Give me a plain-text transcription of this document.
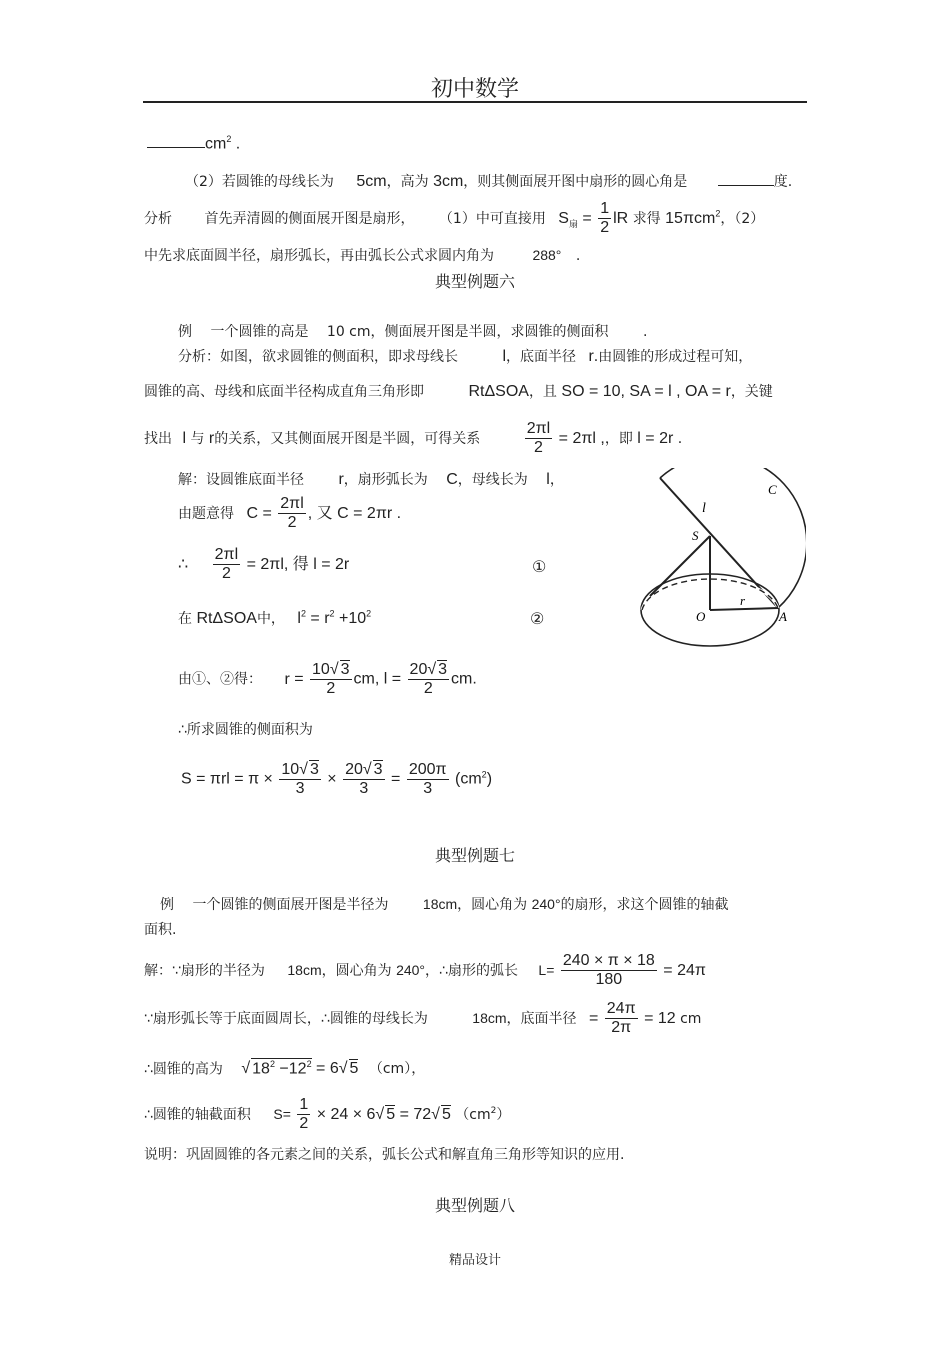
初中数学
$cm^2$ .
（2）若圆锥的母线长为 5cm，高为 3cm，则其侧面展开图中扇形的圆心角是	度.
分析 首先弄清圆的侧面展开图是扇形， （1）中可直接用 $S_扇 = \frac{1}{2}$ lR 求得 15πcm$^2$，（2）
中先求底面圆半径，扇形弧长，再由弧长公式求圆内角为	288° .
典型例题六
例 一个圆锥的高是 10 cm，侧面展开图是半圆，求圆锥的侧面积 .
分析：如图，欲求圆锥的侧面积，即求母线长	l，底面半径 r.由圆锥的形成过程可知，
圆锥的高、母线和底面半径构成直角三角形即	RtΔSOA，且 SO = 10, SA = l , OA = r，关键
找出 l 与 r的关系，又其侧面展开图是半圆，可得关系	$\frac{2\pi l}{2} = 2\pi l$ ,，即 l = 2r .
解：设圆锥底面半径 r，扇形弧长为 C，母线长为 l，
由题意得 $C = \frac{2\pi l}{2}$ , 又 C = 2πr .
∴ $\frac{2\pi l}{2} = 2\pi l$, 得 l = 2r	①
在 RtΔSOA中， $l^2 = r^2 +10^2$	②
由①、②得： $r = \frac{10√ 3}{2}$ cm, $l = \frac{20√ 3}{2}$ cm.
∴所求圆锥的侧面积为
$S = \pi rl = \pi \times \frac{10√ 3}{3} \times \frac{20√ 3}{3} = \frac{200\pi}{3} (cm^2)$
l
C
S
O
r
A
典型例题七
例 一个圆锥的侧面展开图是半径为 18cm，圆心角为 240°的扇形，求这个圆锥的轴截
面积.
解：∵扇形的半径为 18cm，圆心角为 240°，∴扇形的弧长 $L= \frac{240 \times \pi \times 18}{180} = 24\pi$
∵扇形弧长等于底面圆周长，∴圆锥的母线长为	18cm，底面半径 = $\frac{24\pi}{2\pi} = 12$ cm
∴圆锥的高为 √ $18^2 -12^2 = 6√$ 5 （cm），
∴圆锥的轴截面积 $S= \frac{1}{2} \times 24 \times 6√$ 5 = 72√ 5 $(cm^2)$
说明：巩固圆锥的各元素之间的关系，弧长公式和解直角三角形等知识的应用.
典型例题八
精品设计
